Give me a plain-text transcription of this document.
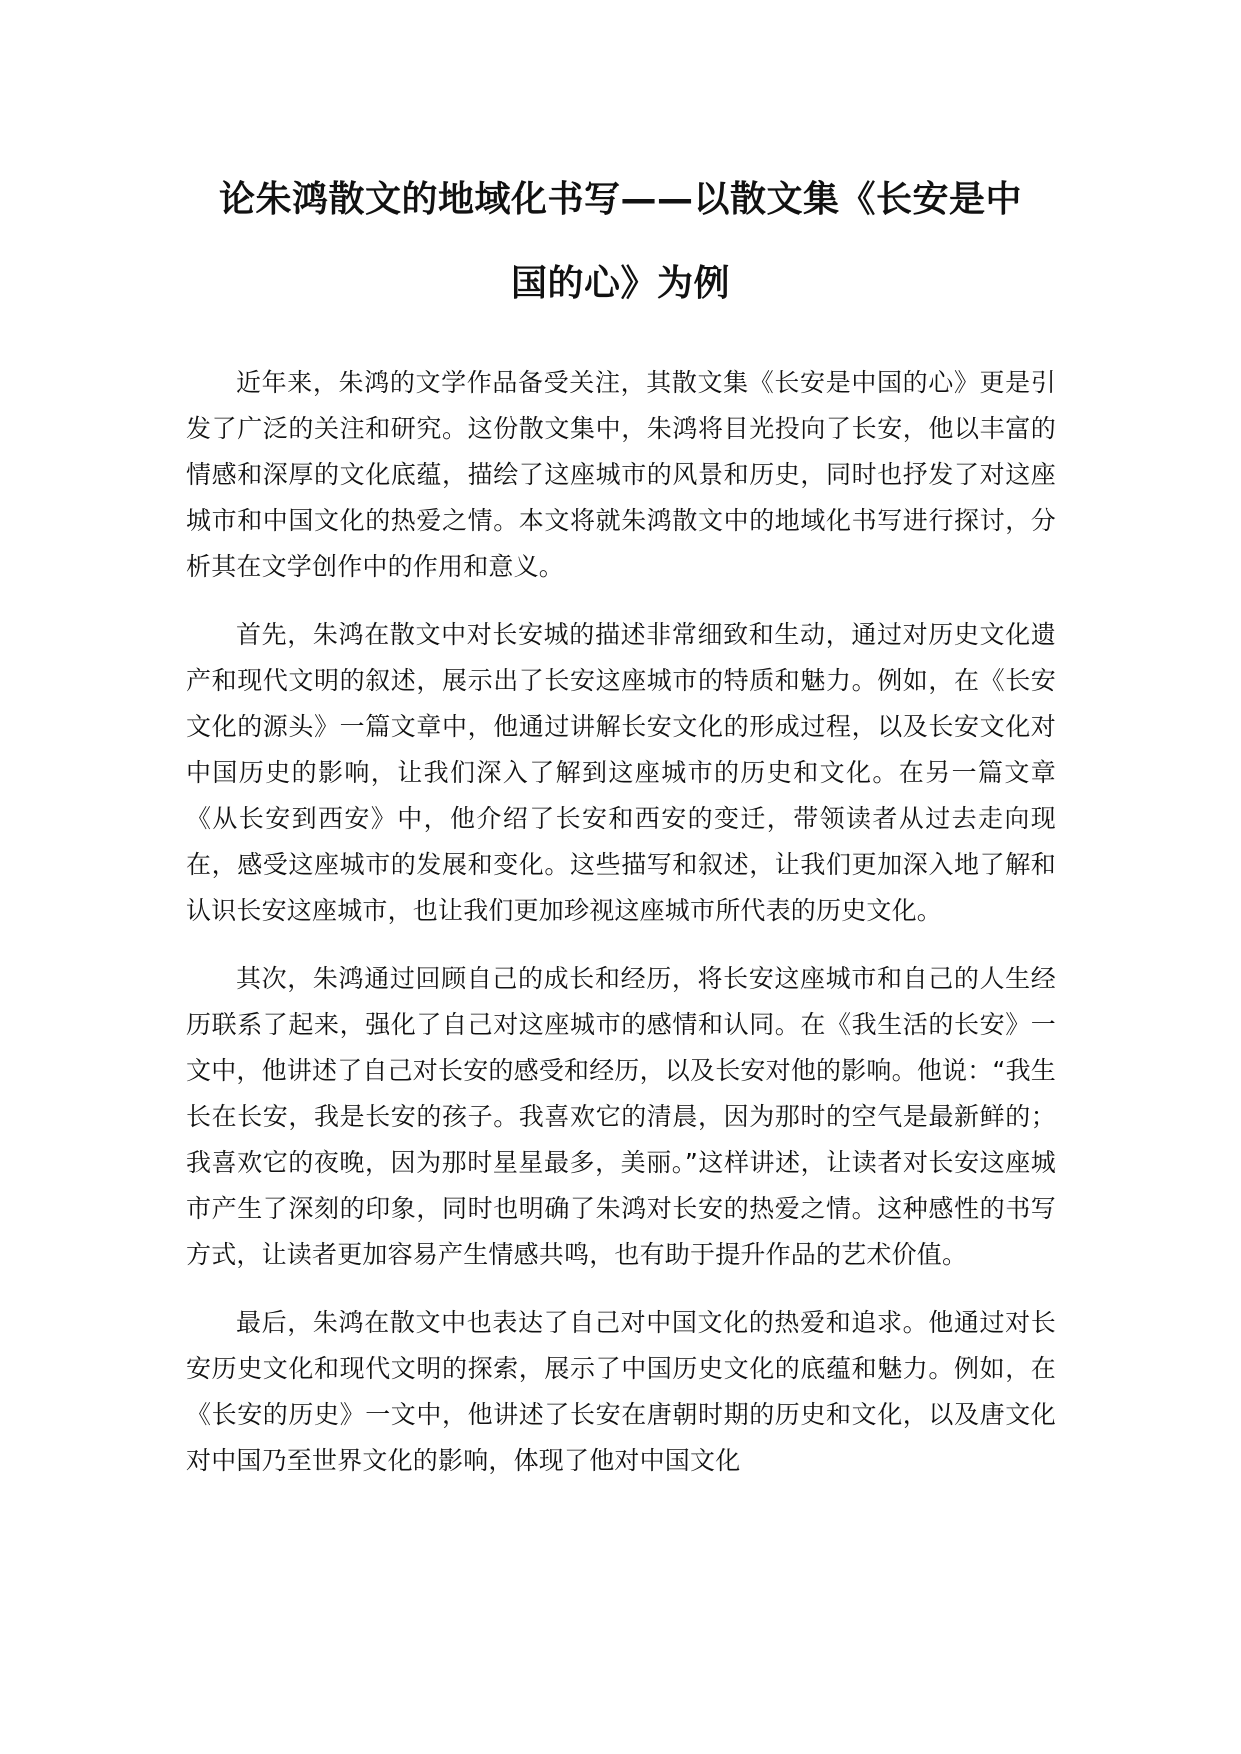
论朱鸿散文的地域化书写——以散文集《长安是中
国的心》为例

近年来，朱鸿的文学作品备受关注，其散文集《长安是中国的心》更是引发了广泛的关注和研究。这份散文集中，朱鸿将目光投向了长安，他以丰富的情感和深厚的文化底蕴，描绘了这座城市的风景和历史，同时也抒发了对这座城市和中国文化的热爱之情。本文将就朱鸿散文中的地域化书写进行探讨，分析其在文学创作中的作用和意义。

首先，朱鸿在散文中对长安城的描述非常细致和生动，通过对历史文化遗产和现代文明的叙述，展示出了长安这座城市的特质和魅力。例如，在《长安文化的源头》一篇文章中，他通过讲解长安文化的形成过程，以及长安文化对中国历史的影响，让我们深入了解到这座城市的历史和文化。在另一篇文章《从长安到西安》中，他介绍了长安和西安的变迁，带领读者从过去走向现在，感受这座城市的发展和变化。这些描写和叙述，让我们更加深入地了解和认识长安这座城市，也让我们更加珍视这座城市所代表的历史文化。

其次，朱鸿通过回顾自己的成长和经历，将长安这座城市和自己的人生经历联系了起来，强化了自己对这座城市的感情和认同。在《我生活的长安》一文中，他讲述了自己对长安的感受和经历，以及长安对他的影响。他说：“我生长在长安，我是长安的孩子。我喜欢它的清晨，因为那时的空气是最新鲜的；我喜欢它的夜晚，因为那时星星最多，美丽。”这样讲述，让读者对长安这座城市产生了深刻的印象，同时也明确了朱鸿对长安的热爱之情。这种感性的书写方式，让读者更加容易产生情感共鸣，也有助于提升作品的艺术价值。

最后，朱鸿在散文中也表达了自己对中国文化的热爱和追求。他通过对长安历史文化和现代文明的探索，展示了中国历史文化的底蕴和魅力。例如，在《长安的历史》一文中，他讲述了长安在唐朝时期的历史和文化，以及唐文化对中国乃至世界文化的影响，体现了他对中国文化
